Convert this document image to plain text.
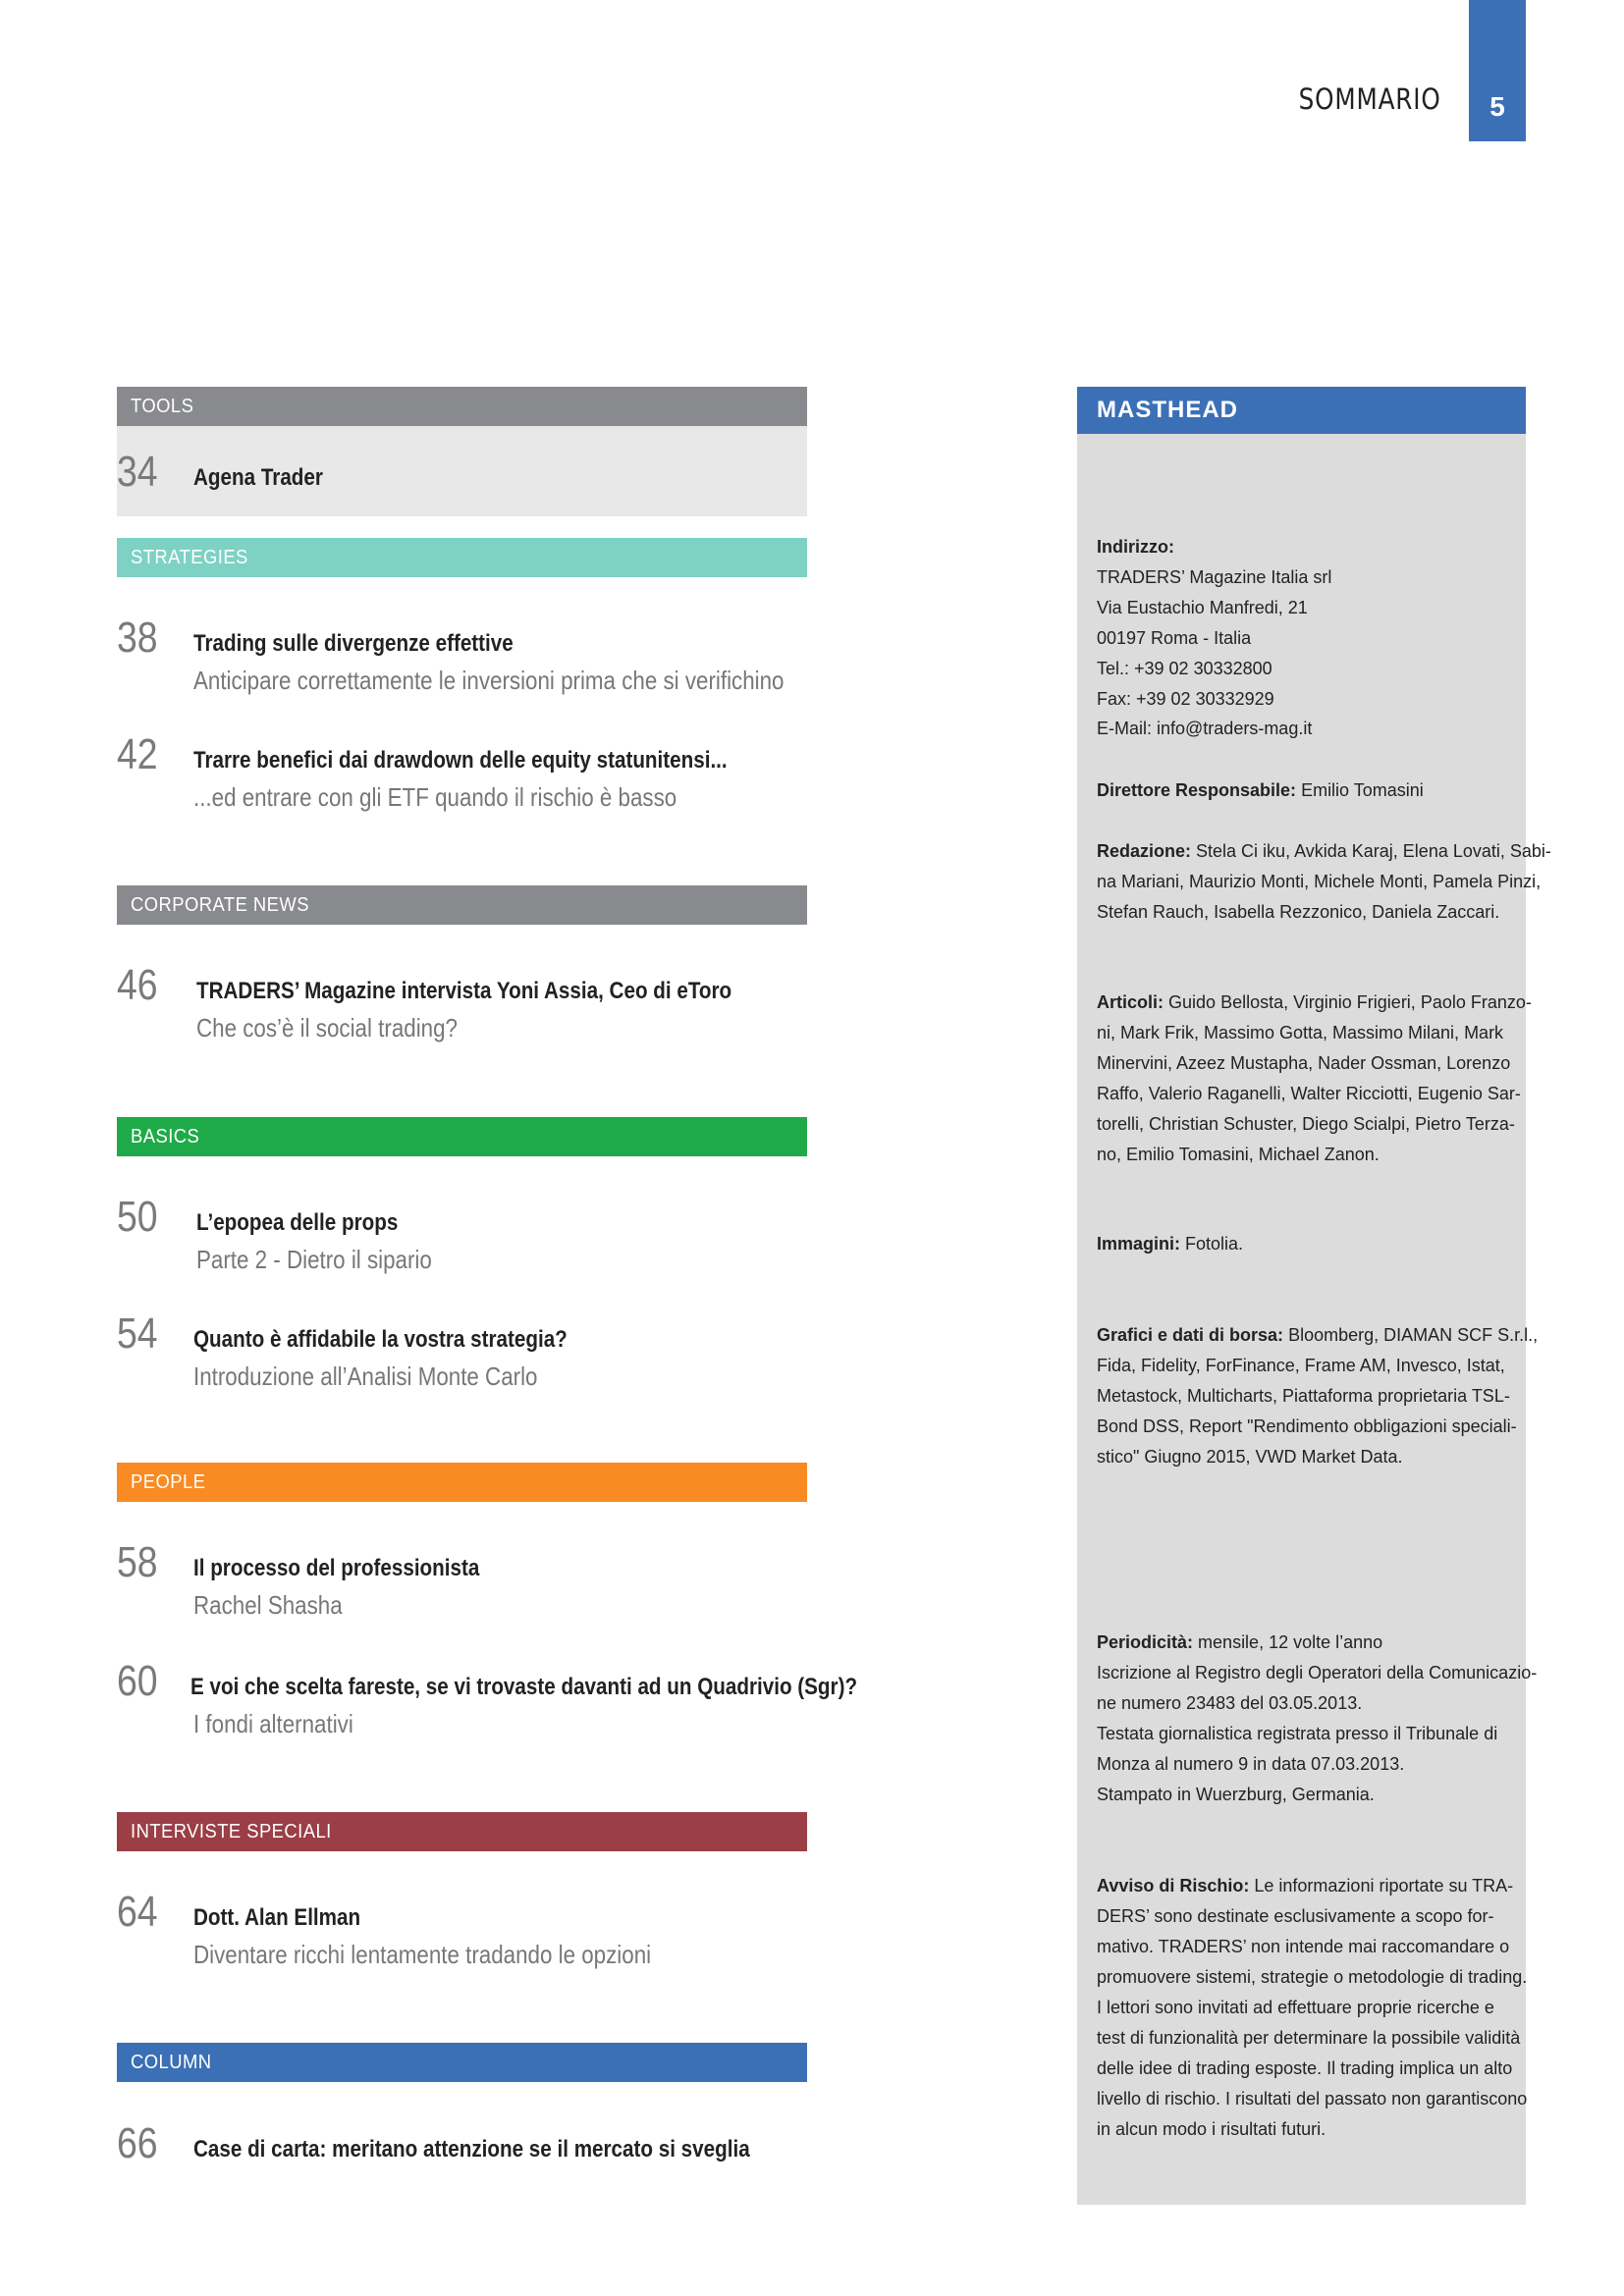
SOMMARIO 5
TOOLS
34 Agena Trader
STRATEGIES
38 Trading sulle divergenze effettive
Anticipare correttamente le inversioni prima che si verifichino
42 Trarre benefici dai drawdown delle equity statunitensi...
...ed entrare con gli ETF quando il rischio è basso
CORPORATE NEWS
46 TRADERS’ Magazine intervista Yoni Assia, Ceo di eToro
Che cos’è il social trading?
BASICS
50 L’epopea delle props
Parte 2 - Dietro il sipario
54 Quanto è affidabile la vostra strategia?
Introduzione all’Analisi Monte Carlo
PEOPLE
58 Il processo del professionista
Rachel Shasha
60 E voi che scelta fareste, se vi trovaste davanti ad un Quadrivio (Sgr)?
I fondi alternativi
INTERVISTE SPECIALI
64 Dott. Alan Ellman
Diventare ricchi lentamente tradando le opzioni
COLUMN
66 Case di carta: meritano attenzione se il mercato si sveglia
MASTHEAD
Indirizzo:
TRADERS’ Magazine Italia srl
Via Eustachio Manfredi, 21
00197 Roma - Italia
Tel.: +39 02 30332800
Fax: +39 02 30332929
E-Mail: info@traders-mag.it
Direttore Responsabile: Emilio Tomasini
Redazione: Stela Ci iku, Avkida Karaj, Elena Lovati, Sabi-
na Mariani, Maurizio Monti, Michele Monti, Pamela Pinzi,
Stefan Rauch, Isabella Rezzonico, Daniela Zaccari.
Articoli: Guido Bellosta, Virginio Frigieri, Paolo Franzo-
ni, Mark Frik, Massimo Gotta, Massimo Milani, Mark
Minervini, Azeez Mustapha, Nader Ossman, Lorenzo
Raffo, Valerio Raganelli, Walter Ricciotti, Eugenio Sar-
torelli, Christian Schuster, Diego Scialpi, Pietro Terza-
no, Emilio Tomasini, Michael Zanon.
Immagini: Fotolia.
Grafici e dati di borsa: Bloomberg, DIAMAN SCF S.r.l.,
Fida, Fidelity, ForFinance, Frame AM, Invesco, Istat,
Metastock, Multicharts, Piattaforma proprietaria TSL-
Bond DSS, Report "Rendimento obbligazioni speciali-
stico" Giugno 2015, VWD Market Data.
Periodicità: mensile, 12 volte l’anno
Iscrizione al Registro degli Operatori della Comunicazio-
ne numero 23483 del 03.05.2013.
Testata giornalistica registrata presso il Tribunale di
Monza al numero 9 in data 07.03.2013.
Stampato in Wuerzburg, Germania.
Avviso di Rischio: Le informazioni riportate su TRA-
DERS’ sono destinate esclusivamente a scopo for-
mativo. TRADERS’ non intende mai raccomandare o
promuovere sistemi, strategie o metodologie di trading.
I lettori sono invitati ad effettuare proprie ricerche e
test di funzionalità per determinare la possibile validità
delle idee di trading esposte. Il trading implica un alto
livello di rischio. I risultati del passato non garantiscono
in alcun modo i risultati futuri.
